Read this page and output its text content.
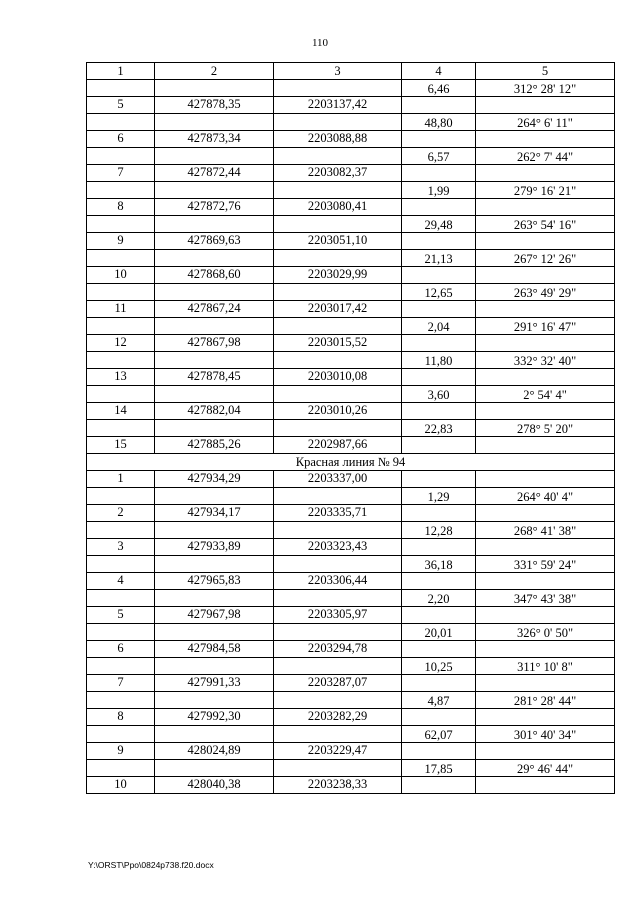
110
1	2	3	4	5
			6,46	312° 28' 12"
5	427878,35	2203137,42		
			48,80	264° 6' 11"
6	427873,34	2203088,88		
			6,57	262° 7' 44"
7	427872,44	2203082,37		
			1,99	279° 16' 21"
8	427872,76	2203080,41		
			29,48	263° 54' 16"
9	427869,63	2203051,10		
			21,13	267° 12' 26"
10	427868,60	2203029,99		
			12,65	263° 49' 29"
11	427867,24	2203017,42		
			2,04	291° 16' 47"
12	427867,98	2203015,52		
			11,80	332° 32' 40"
13	427878,45	2203010,08		
			3,60	2° 54' 4"
14	427882,04	2203010,26		
			22,83	278° 5' 20"
15	427885,26	2202987,66		
Красная линия № 94				
1	427934,29	2203337,00		
			1,29	264° 40' 4"
2	427934,17	2203335,71		
			12,28	268° 41' 38"
3	427933,89	2203323,43		
			36,18	331° 59' 24"
4	427965,83	2203306,44		
			2,20	347° 43' 38"
5	427967,98	2203305,97		
			20,01	326° 0' 50"
6	427984,58	2203294,78		
			10,25	311° 10' 8"
7	427991,33	2203287,07		
			4,87	281° 28' 44"
8	427992,30	2203282,29		
			62,07	301° 40' 34"
9	428024,89	2203229,47		
			17,85	29° 46' 44"
10	428040,38	2203238,33		
Y:\ORST\Ppo\0824p738.f20.docx
